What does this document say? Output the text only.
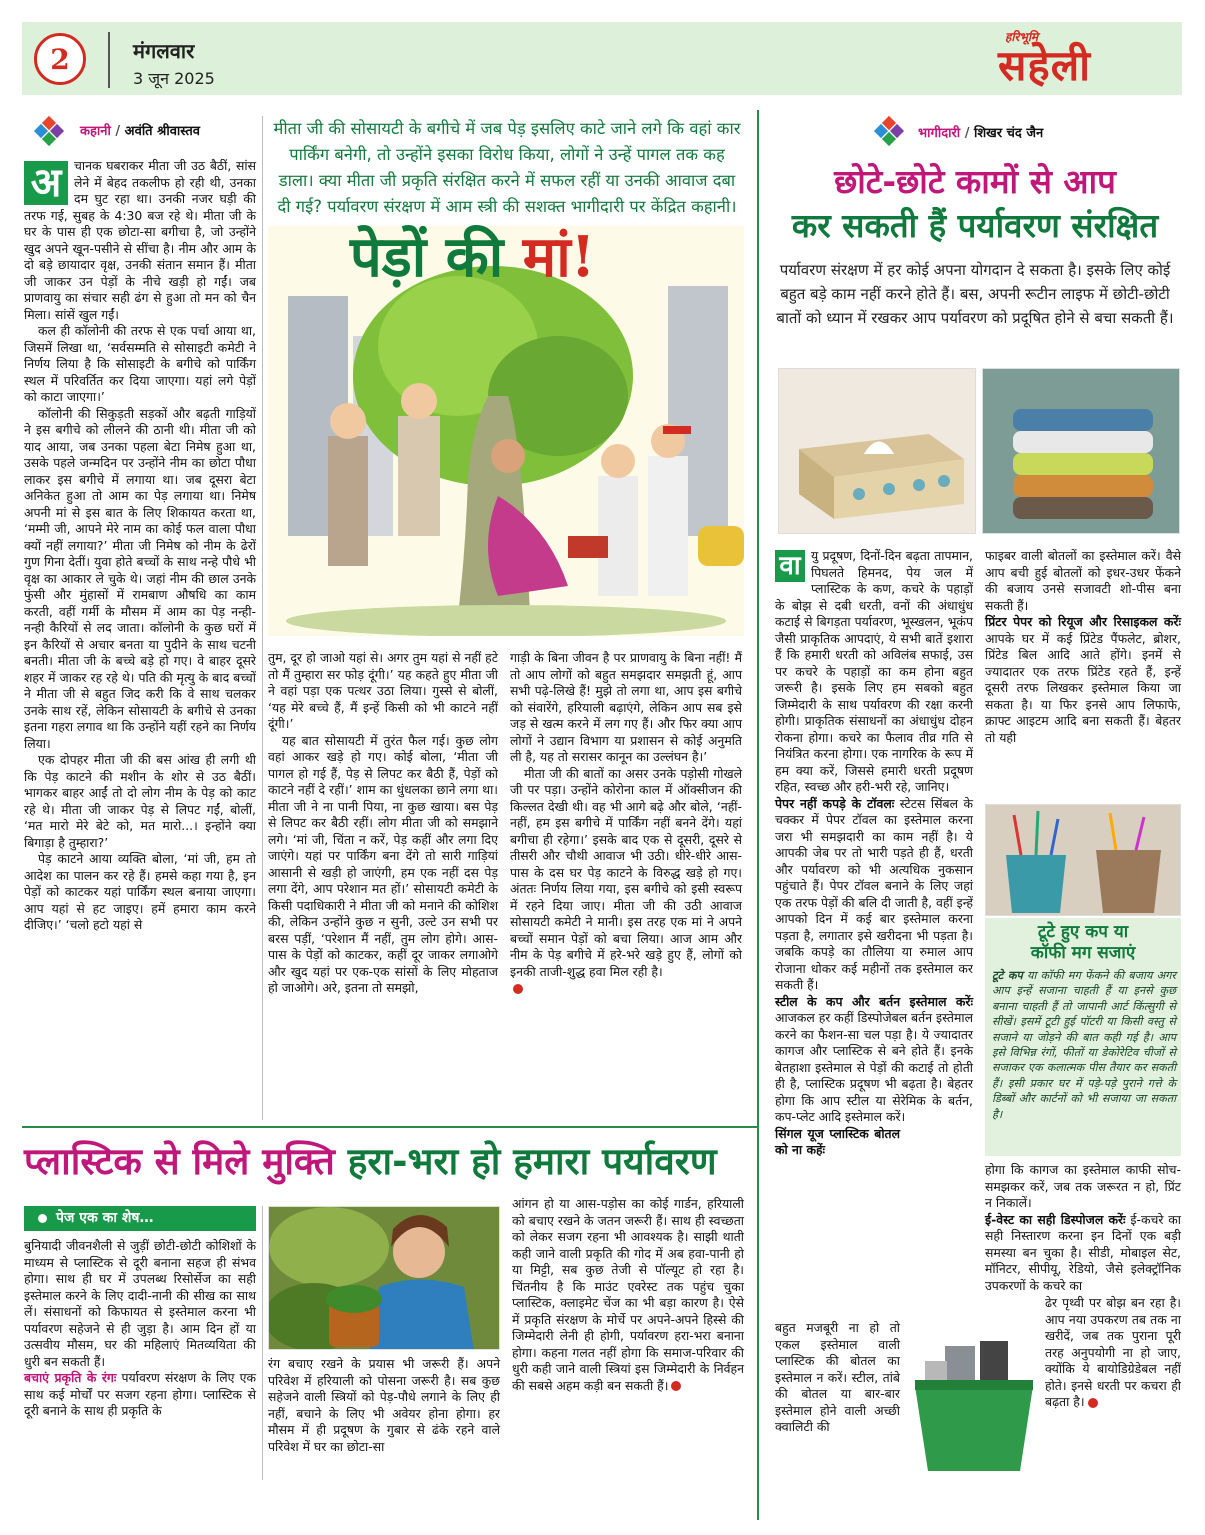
2	मंगलवार
3 जून 2025
हरिभूमि
सहेली
कहानी / अवंति श्रीवास्तव	मीता जी की सोसायटी के बगीचे में जब पेड़ इसलिए काटे जाने लगे कि वहां कार पार्किंग बनेगी, तो उन्होंने इसका विरोध किया, लोगों ने उन्हें पागल तक कह डाला। क्या मीता जी प्रकृति संरक्षित करने में सफल रहीं या उनकी आवाज दबा दी गई? पर्यावरण संरक्षण में आम स्त्री की सशक्त भागीदारी पर केंद्रित कहानी।
पेड़ों की मां!
अ	चानक घबराकर मीता जी उठ बैठीं, सांस लेने में बेहद तकलीफ हो रही थी, उनका दम घुट रहा था। उनकी नजर घड़ी की तरफ गई, सुबह के 4:30 बज रहे थे। मीता जी के घर के पास ही एक छोटा-सा बगीचा है, जो उन्होंने खुद अपने खून-पसीने से सींचा है। नीम और आम के दो बड़े छायादार वृक्ष, उनकी संतान समान हैं। मीता जी जाकर उन पेड़ों के नीचे खड़ी हो गईं। जब प्राणवायु का संचार सही ढंग से हुआ तो मन को चैन मिला। सांसें खुल गईं।

कल ही कॉलोनी की तरफ से एक पर्चा आया था, जिसमें लिखा था, ‘सर्वसम्मति से सोसाइटी कमेटी ने निर्णय लिया है कि सोसाइटी के बगीचे को पार्किंग स्थल में परिवर्तित कर दिया जाएगा। यहां लगे पेड़ों को काटा जाएगा।’

कॉलोनी की सिकुड़ती सड़कों और बढ़ती गाड़ियों ने इस बगीचे को लीलने की ठानी थी। मीता जी को याद आया, जब उनका पहला बेटा निमेष हुआ था, उसके पहले जन्मदिन पर उन्होंने नीम का छोटा पौधा लाकर इस बगीचे में लगाया था। जब दूसरा बेटा अनिकेत हुआ तो आम का पेड़ लगाया था। निमेष अपनी मां से इस बात के लिए शिकायत करता था, ‘मम्मी जी, आपने मेरे नाम का कोई फल वाला पौधा क्यों नहीं लगाया?’ मीता जी निमेष को नीम के ढेरों गुण गिना देतीं। युवा होते बच्चों के साथ नन्हे पौधे भी वृक्ष का आकार ले चुके थे। जहां नीम की छाल उनके फुंसी और मुंहासों में रामबाण औषधि का काम करती, वहीं गर्मी के मौसम में आम का पेड़ नन्ही-नन्ही कैरियों से लद जाता। कॉलोनी के कुछ घरों में इन कैरियों से अचार बनता या पुदीने के साथ चटनी बनती। मीता जी के बच्चे बड़े हो गए। वे बाहर दूसरे शहर में जाकर रह रहे थे। पति की मृत्यु के बाद बच्चों ने मीता जी से बहुत जिद करी कि वे साथ चलकर उनके साथ रहें, लेकिन सोसायटी के बगीचे से उनका इतना गहरा लगाव था कि उन्होंने यहीं रहने का निर्णय लिया।

एक दोपहर मीता जी की बस आंख ही लगी थी कि पेड़ काटने की मशीन के शोर से उठ बैठीं। भागकर बाहर आईं तो दो लोग नीम के पेड़ को काट रहे थे। मीता जी जाकर पेड़ से लिपट गईं, बोलीं, ‘मत मारो मेरे बेटे को, मत मारो...। इन्होंने क्या बिगाड़ा है तुम्हारा?’

पेड़ काटने आया व्यक्ति बोला, ‘मां जी, हम तो आदेश का पालन कर रहे हैं। हमसे कहा गया है, इन पेड़ों को काटकर यहां पार्किंग स्थल बनाया जाएगा। आप यहां से हट जाइए। हमें हमारा काम करने दीजिए।’ ‘चलो हटो यहां से

तुम, दूर हो जाओ यहां से। अगर तुम यहां से नहीं हटे तो मैं तुम्हारा सर फोड़ दूंगी।’ यह कहते हुए मीता जी ने वहां पड़ा एक पत्थर उठा लिया। गुस्से से बोलीं, ‘यह मेरे बच्चे हैं, मैं इन्हें किसी को भी काटने नहीं दूंगी।’

यह बात सोसायटी में तुरंत फैल गई। कुछ लोग वहां आकर खड़े हो गए। कोई बोला, ‘मीता जी पागल हो गई हैं, पेड़ से लिपट कर बैठी हैं, पेड़ों को काटने नहीं दे रहीं।’ शाम का धुंधलका छाने लगा था। मीता जी ने ना पानी पिया, ना कुछ खाया। बस पेड़ से लिपट कर बैठी रहीं। लोग मीता जी को समझाने लगे। ‘मां जी, चिंता न करें, पेड़ कहीं और लगा दिए जाएंगे। यहां पर पार्किंग बना देंगे तो सारी गाड़ियां आसानी से खड़ी हो जाएंगी, हम एक नहीं दस पेड़ लगा देंगे, आप परेशान मत हों।’ सोसायटी कमेटी के किसी पदाधिकारी ने मीता जी को मनाने की कोशिश की, लेकिन उन्होंने कुछ न सुनी, उल्टे उन सभी पर बरस पड़ीं, ‘परेशान मैं नहीं, तुम लोग होगे। आस-पास के पेड़ों को काटकर, कहीं दूर जाकर लगाओगे और खुद यहां पर एक-एक सांसों के लिए मोहताज हो जाओगे। अरे, इतना तो समझो,

गाड़ी के बिना जीवन है पर प्राणवायु के बिना नहीं! मैं तो आप लोगों को बहुत समझदार समझती हूं, आप सभी पढ़े-लिखे हैं! मुझे तो लगा था, आप इस बगीचे को संवारेंगे, हरियाली बढ़ाएंगे, लेकिन आप सब इसे जड़ से खत्म करने में लग गए हैं। और फिर क्या आप लोगों ने उद्यान विभाग या प्रशासन से कोई अनुमति ली है, यह तो सरासर कानून का उल्लंघन है।’

मीता जी की बातों का असर उनके पड़ोसी गोखले जी पर पड़ा। उन्होंने कोरोना काल में ऑक्सीजन की किल्लत देखी थी। वह भी आगे बढ़े और बोले, ‘नहीं-नहीं, हम इस बगीचे में पार्किंग नहीं बनने देंगे। यहां बगीचा ही रहेगा।’ इसके बाद एक से दूसरी, दूसरे से तीसरी और चौथी आवाज भी उठी। धीरे-धीरे आस-पास के दस घर पेड़ काटने के विरुद्ध खड़े हो गए। अंततः निर्णय लिया गया, इस बगीचे को इसी स्वरूप में रहने दिया जाए। मीता जी की उठी आवाज सोसायटी कमेटी ने मानी। इस तरह एक मां ने अपने बच्चों समान पेड़ों को बचा लिया। आज आम और नीम के पेड़ बगीचे में हरे-भरे खड़े हुए हैं, लोगों को इनकी ताजी-शुद्ध हवा मिल रही है।

भागीदारी / शिखर चंद जैन
छोटे-छोटे कामों से आप
कर सकती हैं पर्यावरण संरक्षित
पर्यावरण संरक्षण में हर कोई अपना योगदान दे सकता है। इसके लिए कोई बहुत बड़े काम नहीं करने होते हैं। बस, अपनी रूटीन लाइफ में छोटी-छोटी बातों को ध्यान में रखकर आप पर्यावरण को प्रदूषित होने से बचा सकती हैं।
वा यु प्रदूषण, दिनों-दिन बढ़ता तापमान, पिघलते हिमनद, पेय जल में प्लास्टिक के कण, कचरे के पहाड़ों के बोझ से दबी धरती, वनों की अंधाधुंध कटाई से बिगड़ता पर्यावरण, भूस्खलन, भूकंप जैसी प्राकृतिक आपदाएं, ये सभी बातें इशारा हैं कि हमारी धरती को अविलंब सफाई, उस पर कचरे के पहाड़ों का कम होना बहुत जरूरी है। इसके लिए हम सबको बहुत जिम्मेदारी के साथ पर्यावरण की रक्षा करनी होगी। प्राकृतिक संसाधनों का अंधाधुंध दोहन रोकना होगा। कचरे का फैलाव तीव्र गति से नियंत्रित करना होगा। एक नागरिक के रूप में हम क्या करें, जिससे हमारी धरती प्रदूषण रहित, स्वच्छ और हरी-भरी रहे, जानिए।

पेपर नहीं कपड़े के टॉवलः स्टेटस सिंबल के चक्कर में पेपर टॉवल का इस्तेमाल करना जरा भी समझदारी का काम नहीं है। ये आपकी जेब पर तो भारी पड़ते ही हैं, धरती और पर्यावरण को भी अत्यधिक नुकसान पहुंचाते हैं। पेपर टॉवल बनाने के लिए जहां एक तरफ पेड़ों की बलि दी जाती है, वहीं इन्हें आपको दिन में कई बार इस्तेमाल करना पड़ता है, लगातार इसे खरीदना भी पड़ता है। जबकि कपड़े का तौलिया या रुमाल आप रोजाना धोकर कई महीनों तक इस्तेमाल कर सकती हैं।

स्टील के कप और बर्तन इस्तेमाल करेंः आजकल हर कहीं डिस्पोजेबल बर्तन इस्तेमाल करने का फैशन-सा चल पड़ा है। ये ज्यादातर कागज और प्लास्टिक से बने होते हैं। इनके बेतहाशा इस्तेमाल से पेड़ों की कटाई तो होती ही है, प्लास्टिक प्रदूषण भी बढ़ता है। बेहतर होगा कि आप स्टील या सेरेमिक के बर्तन, कप-प्लेट आदि इस्तेमाल करें।

सिंगल यूज प्लास्टिक बोतल को ना कहेंः

बहुत मजबूरी ना हो तो एकल इस्तेमाल वाली प्लास्टिक की बोतल का इस्तेमाल न करें। स्टील, तांबे की बोतल या बार-बार इस्तेमाल होने वाली अच्छी क्वालिटी की

फाइबर वाली बोतलों का इस्तेमाल करें। वैसे आप बची हुई बोतलों को इधर-उधर फेंकने की बजाय उनसे सजावटी शो-पीस बना सकती हैं।

प्रिंटर पेपर को रियूज और रिसाइकल करेंः आपके घर में कई प्रिंटेड पैंफलेट, ब्रोशर, प्रिंटेड बिल आदि आते होंगे। इनमें से ज्यादातर एक तरफ प्रिंटेड रहते हैं, इन्हें दूसरी तरफ लिखकर इस्तेमाल किया जा सकता है। या फिर इनसे आप लिफाफे, क्राफ्ट आइटम आदि बना सकती हैं। बेहतर तो यही

टूटे हुए कप या
कॉफी मग सजाएं
टूटे कप या कॉफी मग फेंकने की बजाय अगर आप इन्हें सजाना चाहती हैं या इनसे कुछ बनाना चाहती हैं तो जापानी आर्ट किंत्सुगी से सीखें। इसमें टूटी हुई पॉटरी या किसी वस्तु से सजाने या जोड़ने की बात कही गई है। आप इसे विभिन्न रंगों, फीतों या डेकोरेटिव चीजों से सजाकर एक कलात्मक पीस तैयार कर सकती हैं। इसी प्रकार घर में पड़े-पड़े पुराने गत्ते के डिब्बों और कार्टनों को भी सजाया जा सकता है।

होगा कि कागज का इस्तेमाल काफी सोच-समझकर करें, जब तक जरूरत न हो, प्रिंट न निकालें।

ई-वेस्ट का सही डिस्पोजल करेंः ई-कचरे का सही निस्तारण करना इन दिनों एक बड़ी समस्या बन चुका है। सीडी, मोबाइल सेट, मॉनिटर, सीपीयू, रेडियो, जैसे इलेक्ट्रॉनिक उपकरणों के कचरे का

ढेर पृथ्वी पर बोझ बन रहा है। आप नया उपकरण तब तक ना खरीदें, जब तक पुराना पूरी तरह अनुपयोगी ना हो जाए, क्योंकि ये बायोडिग्रेडेबल नहीं होते। इनसे धरती पर कचरा ही बढ़ता है।

प्लास्टिक से मिले मुक्ति हरा-भरा हो हमारा पर्यावरण
पेज एक का शेष…

बुनियादी जीवनशैली से जुड़ीं छोटी-छोटी कोशिशों के माध्यम से प्लास्टिक से दूरी बनाना सहज ही संभव होगा। साथ ही घर में उपलब्ध रिसोर्सेज का सही इस्तेमाल करने के लिए दादी-नानी की सीख का साथ लें। संसाधनों को किफायत से इस्तेमाल करना भी पर्यावरण सहेजने से ही जुड़ा है। आम दिन हों या उत्सवीय मौसम, घर की महिलाएं मितव्ययिता की धुरी बन सकती हैं।

बचाएं प्रकृति के रंगः पर्यावरण संरक्षण के लिए एक साथ कई मोर्चों पर सजग रहना होगा। प्लास्टिक से दूरी बनाने के साथ ही प्रकृति के

रंग बचाए रखने के प्रयास भी जरूरी हैं। अपने परिवेश में हरियाली को पोसना जरूरी है। सब कुछ सहेजने वाली स्त्रियों को पेड़-पौधे लगाने के लिए ही नहीं, बचाने के लिए भी अवेयर होना होगा। हर मौसम में ही प्रदूषण के गुबार से ढंके रहने वाले परिवेश में घर का छोटा-सा

आंगन हो या आस-पड़ोस का कोई गार्डन, हरियाली को बचाए रखने के जतन जरूरी हैं। साथ ही स्वच्छता को लेकर सजग रहना भी आवश्यक है। साझी थाती कही जाने वाली प्रकृति की गोद में अब हवा-पानी हो या मिट्टी, सब कुछ तेजी से पॉल्यूट हो रहा है। चिंतनीय है कि माउंट एवरेस्ट तक पहुंच चुका प्लास्टिक, क्लाइमेट चेंज का भी बड़ा कारण है। ऐसे में प्रकृति संरक्षण के मोर्चे पर अपने-अपने हिस्से की जिम्मेदारी लेनी ही होगी, पर्यावरण हरा-भरा बनाना होगा। कहना गलत नहीं होगा कि समाज-परिवार की धुरी कही जाने वाली स्त्रियां इस जिम्मेदारी के निर्वहन की सबसे अहम कड़ी बन सकती हैं।
